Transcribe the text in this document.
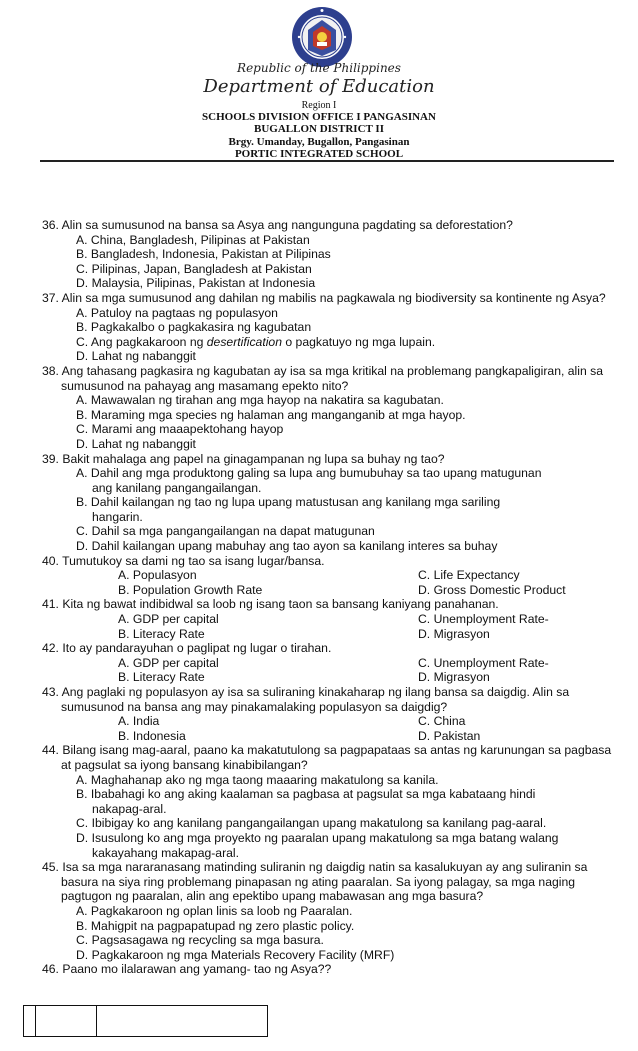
Republic of the Philippines
Department of Education
Region I
SCHOOLS DIVISION OFFICE I PANGASINAN
BUGALLON DISTRICT II
Brgy. Umanday, Bugallon, Pangasinan
PORTIC INTEGRATED SCHOOL
36. Alin sa sumusunod na bansa sa Asya ang nangunguna pagdating sa deforestation?
A. China, Bangladesh, Pilipinas at Pakistan
B. Bangladesh, Indonesia, Pakistan at Pilipinas
C. Pilipinas, Japan, Bangladesh at Pakistan
D. Malaysia, Pilipinas, Pakistan at Indonesia
37. Alin sa mga sumusunod ang dahilan ng mabilis na pagkawala ng biodiversity sa kontinente ng Asya?
A. Patuloy na pagtaas ng populasyon
B. Pagkakalbo o pagkakasira ng kagubatan
C. Ang pagkakaroon ng desertification o pagkatuyo ng mga lupain.
D. Lahat ng nabanggit
38. Ang tahasang pagkasira ng kagubatan ay isa sa mga kritikal na problemang pangkapaligiran, alin sa sumusunod na pahayag ang masamang epekto nito?
A. Mawawalan ng tirahan ang mga hayop na nakatira sa kagubatan.
B. Maraming mga species ng halaman ang manganganib at mga hayop.
C. Marami ang maaapektohang hayop
D. Lahat ng nabanggit
39. Bakit mahalaga ang papel na ginagampanan ng lupa sa buhay ng tao?
A. Dahil ang mga produktong galing sa lupa ang bumubuhay sa tao upang matugunan
ang kanilang pangangailangan.
B. Dahil kailangan ng tao ng lupa upang matustusan ang kanilang mga sariling
hangarin.
C. Dahil sa mga pangangailangan na dapat matugunan
D. Dahil kailangan upang mabuhay ang tao ayon sa kanilang interes sa buhay
40. Tumutukoy sa dami ng tao sa isang lugar/bansa.
A. Populasyon	C. Life Expectancy
B. Population Growth Rate	D. Gross Domestic Product
41. Kita ng bawat indibidwal sa loob ng isang taon sa bansang kaniyang panahanan.
A. GDP per capital	C. Unemployment Rate-
B. Literacy Rate	D. Migrasyon
42. Ito ay pandarayuhan o paglipat ng lugar o tirahan.
A. GDP per capital	C. Unemployment Rate-
B. Literacy Rate	D. Migrasyon
43. Ang paglaki ng populasyon ay isa sa suliraning kinakaharap ng ilang bansa sa daigdig. Alin sa sumusunod na bansa ang may pinakamalaking populasyon sa daigdig?
A. India	C. China
B. Indonesia	D. Pakistan
44. Bilang isang mag-aaral, paano ka makatutulong sa pagpapataas sa antas ng karunungan sa pagbasa at pagsulat sa iyong bansang kinabibilangan?
A. Maghahanap ako ng mga taong maaaring makatulong sa kanila.
B. Ibabahagi ko ang aking kaalaman sa pagbasa at pagsulat sa mga kabataang hindi
nakapag-aral.
C. Ibibigay ko ang kanilang pangangailangan upang makatulong sa kanilang pag-aaral.
D. Isusulong ko ang mga proyekto ng paaralan upang makatulong sa mga batang walang
kakayahang makapag-aral.
45. Isa sa mga nararanasang matinding suliranin ng daigdig natin sa kasalukuyan ay ang suliranin sa basura na siya ring problemang pinapasan ng ating paaralan. Sa iyong palagay, sa mga naging pagtugon ng paaralan, alin ang epektibo upang mabawasan ang mga basura?
A. Pagkakaroon ng oplan linis sa loob ng Paaralan.
B. Mahigpit na pagpapatupad ng zero plastic policy.
C. Pagsasagawa ng recycling sa mga basura.
D. Pagkakaroon ng mga Materials Recovery Facility (MRF)
46. Paano mo ilalarawan ang yamang- tao ng Asya??
